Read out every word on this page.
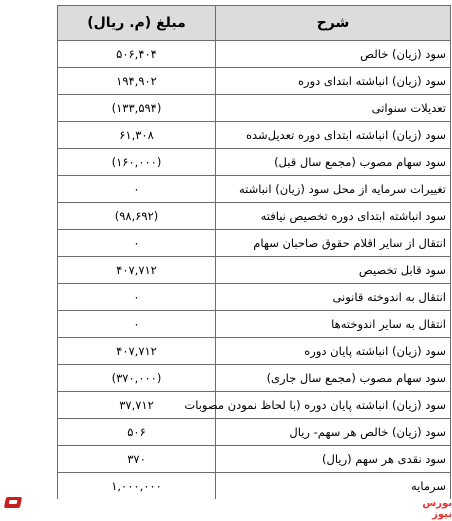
شرح	مبلغ (م. ریال)
سود (زیان) خالص	۵۰۶,۴۰۴
سود (زیان) انباشته ابتدای دوره	۱۹۴,۹۰۲
تعدیلات سنواتی	(۱۳۳,۵۹۴)
سود (زیان) انباشته ابتدای دوره تعدیل‌شده	۶۱,۳۰۸
سود سهام مصوب (مجمع سال قبل)	(۱۶۰,۰۰۰)
تغییرات سرمایه از محل سود (زیان) انباشته	۰
سود انباشته ابتدای دوره تخصیص نیافته	(۹۸,۶۹۲)
انتقال از سایر اقلام حقوق صاحبان سهام	۰
سود قابل تخصیص	۴۰۷,۷۱۲
انتقال به اندوخته قانونی	۰
انتقال به سایر اندوخته‌ها	۰
سود (زیان) انباشته پایان دوره	۴۰۷,۷۱۲
سود سهام مصوب (مجمع سال جاری)	(۳۷۰,۰۰۰)
سود (زیان) انباشته پایان دوره (با لحاظ نمودن مصوبات	۳۷,۷۱۲
سود (زیان) خالص هر سهم- ریال	۵۰۶
سود نقدی هر سهم (ریال)	۳۷۰
سرمایه	۱,۰۰۰,۰۰۰
بورس نیوز
